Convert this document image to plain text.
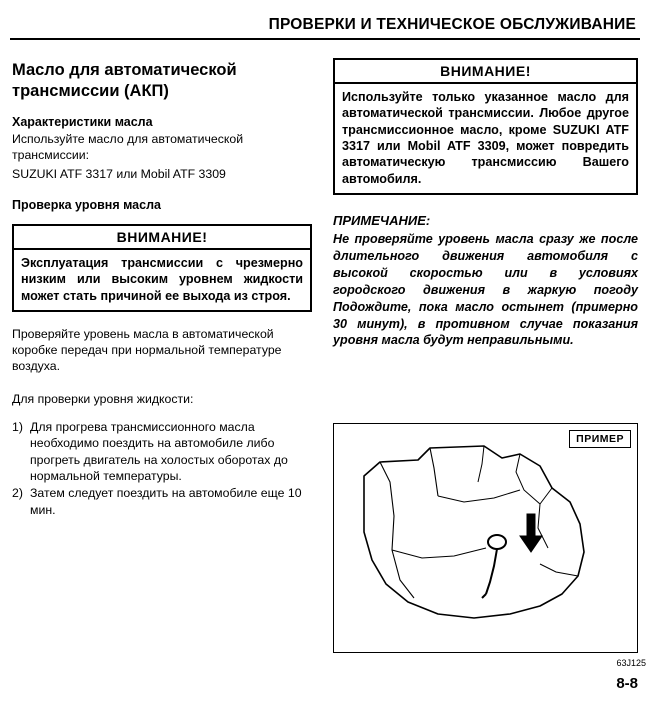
ПРОВЕРКИ И ТЕХНИЧЕСКОЕ ОБСЛУЖИВАНИЕ
Масло для автоматической трансмиссии (АКП)
Характеристики масла
Используйте масло для автоматической трансмиссии:
SUZUKI ATF 3317 или Mobil ATF 3309
Проверка уровня масла
ВНИМАНИЕ!
Эксплуатация трансмиссии с чрезмерно низким или высоким уровнем жидкости может стать причиной ее выхода из строя.
Проверяйте уровень масла в автоматической коробке передач при нормальной температуре воздуха.
Для проверки уровня жидкости:
1) Для прогрева трансмиссионного масла необходимо поездить на автомобиле либо прогреть двигатель на холостых оборотах до нормальной температуры.
2) Затем следует поездить на автомобиле еще 10 мин.
ВНИМАНИЕ!
Используйте только указанное масло для автоматической трансмиссии. Любое другое трансмиссионное масло, кроме SUZUKI ATF 3317 или Mobil ATF 3309, может повредить автоматическую трансмиссию Вашего автомобиля.
ПРИМЕЧАНИЕ:
Не проверяйте уровень масла сразу же после длительного движения автомобиля с высокой скоростью или в условиях городского движения в жаркую погоду Подождите, пока масло остынет (примерно 30 минут), в противном случае показания уровня масла будут неправильными.
ПРИМЕР
63J125
8-8
